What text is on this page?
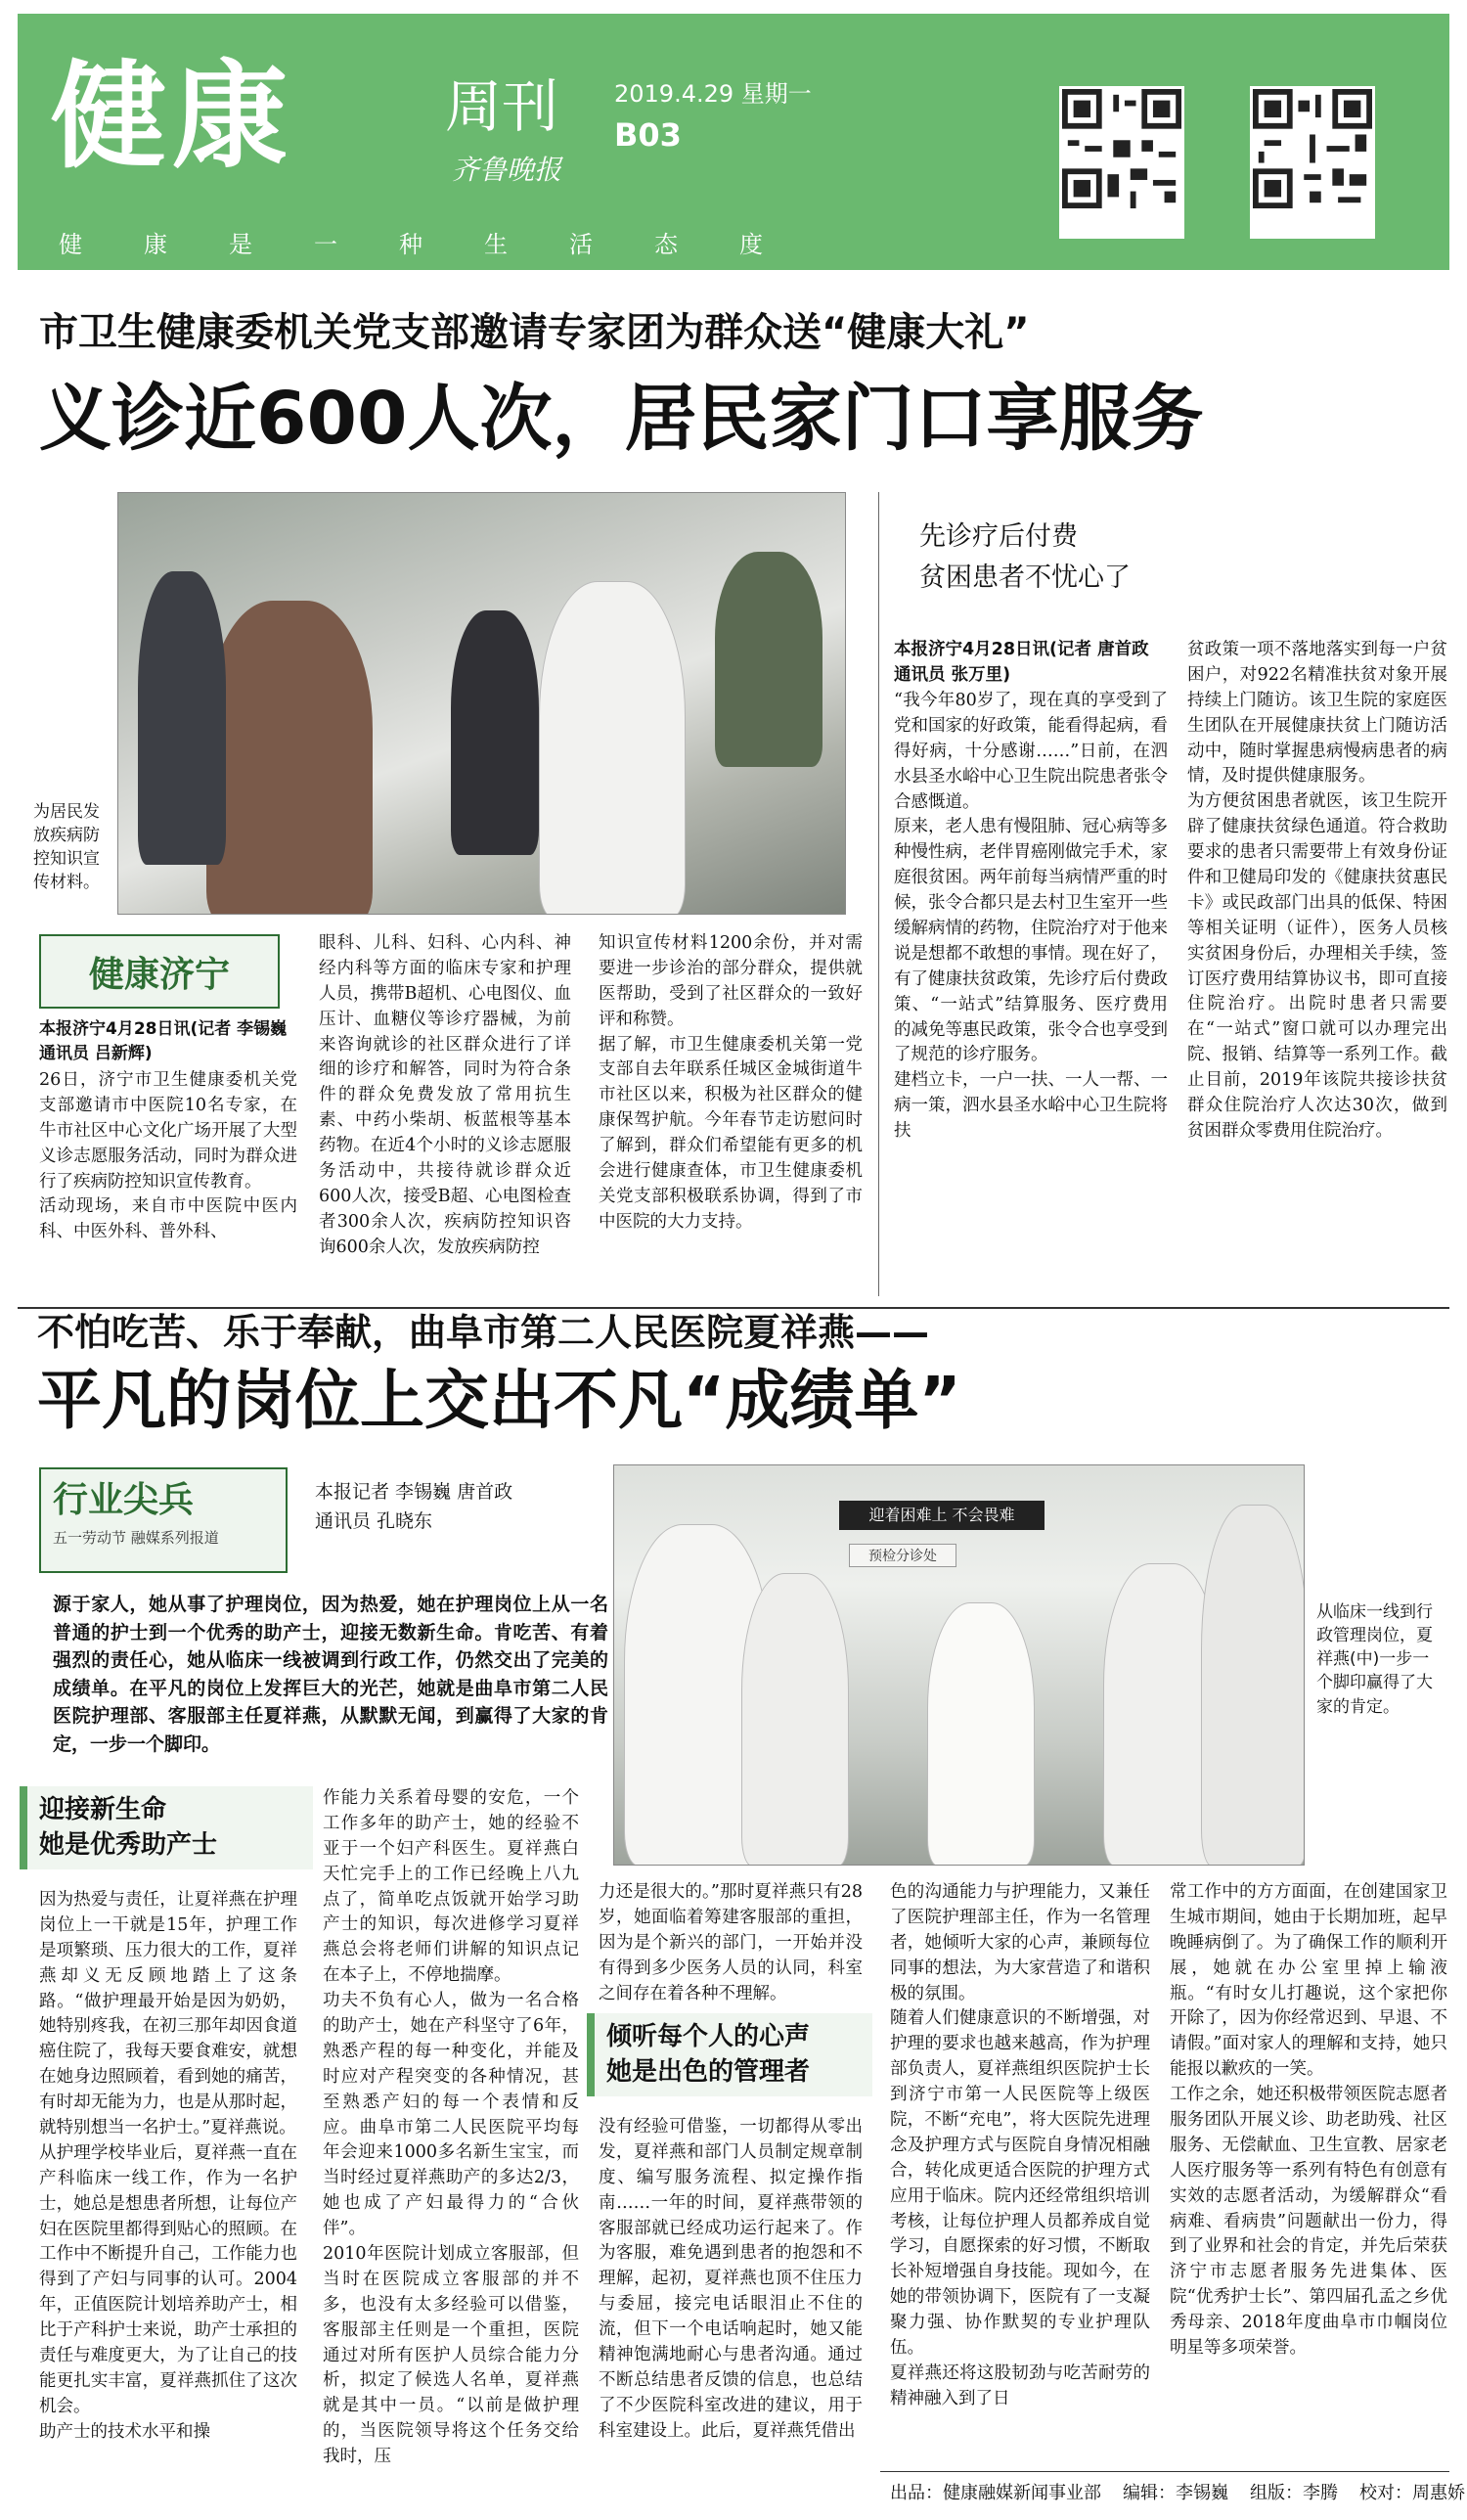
健康	周刊
齐鲁晚报
2019.4.29 星期一
B03
健	康	是	一	种	生	活	态	度
市卫生健康委机关党支部邀请专家团为群众送“健康大礼”
义诊近600人次，居民家门口享服务
为居民发放疾病防控知识宣传材料。
健康济宁
本报济宁4月28日讯(记者 李锡巍 通讯员 吕新辉)
26日，济宁市卫生健康委机关党支部邀请市中医院10名专家，在牛市社区中心文化广场开展了大型义诊志愿服务活动，同时为群众进行了疾病防控知识宣传教育。
活动现场，来自市中医院中医内科、中医外科、普外科、
眼科、儿科、妇科、心内科、神经内科等方面的临床专家和护理人员，携带B超机、心电图仪、血压计、血糖仪等诊疗器械，为前来咨询就诊的社区群众进行了详细的诊疗和解答，同时为符合条件的群众免费发放了常用抗生素、中药小柴胡、板蓝根等基本药物。在近4个小时的义诊志愿服务活动中，共接待就诊群众近600人次，接受B超、心电图检查者300余人次，疾病防控知识咨询600余人次，发放疾病防控
知识宣传材料1200余份，并对需要进一步诊治的部分群众，提供就医帮助，受到了社区群众的一致好评和称赞。
据了解，市卫生健康委机关第一党支部自去年联系任城区金城街道牛市社区以来，积极为社区群众的健康保驾护航。今年春节走访慰问时了解到，群众们希望能有更多的机会进行健康查体，市卫生健康委机关党支部积极联系协调，得到了市中医院的大力支持。
先诊疗后付费
贫困患者不忧心了
本报济宁4月28日讯(记者 唐首政 通讯员 张万里)
“我今年80岁了，现在真的享受到了党和国家的好政策，能看得起病，看得好病，十分感谢……”日前，在泗水县圣水峪中心卫生院出院患者张令合感慨道。
原来，老人患有慢阻肺、冠心病等多种慢性病，老伴胃癌刚做完手术，家庭很贫困。两年前每当病情严重的时候，张令合都只是去村卫生室开一些缓解病情的药物，住院治疗对于他来说是想都不敢想的事情。现在好了，有了健康扶贫政策，先诊疗后付费政策、“一站式”结算服务、医疗费用的减免等惠民政策，张令合也享受到了规范的诊疗服务。
建档立卡，一户一扶、一人一帮、一病一策，泗水县圣水峪中心卫生院将扶
贫政策一项不落地落实到每一户贫困户，对922名精准扶贫对象开展持续上门随访。该卫生院的家庭医生团队在开展健康扶贫上门随访活动中，随时掌握患病慢病患者的病情，及时提供健康服务。
为方便贫困患者就医，该卫生院开辟了健康扶贫绿色通道。符合救助要求的患者只需要带上有效身份证件和卫健局印发的《健康扶贫惠民卡》或民政部门出具的低保、特困等相关证明（证件），医务人员核实贫困身份后，办理相关手续，签订医疗费用结算协议书，即可直接住院治疗。出院时患者只需要在“一站式”窗口就可以办理完出院、报销、结算等一系列工作。截止目前，2019年该院共接诊扶贫群众住院治疗人次达30次，做到贫困群众零费用住院治疗。
不怕吃苦、乐于奉献，曲阜市第二人民医院夏祥燕——
平凡的岗位上交出不凡“成绩单”
行业尖兵
五一劳动节 融媒系列报道
本报记者 李锡巍 唐首政
通讯员 孔晓东
源于家人，她从事了护理岗位，因为热爱，她在护理岗位上从一名普通的护士到一个优秀的助产士，迎接无数新生命。肯吃苦、有着强烈的责任心，她从临床一线被调到行政工作，仍然交出了完美的成绩单。在平凡的岗位上发挥巨大的光芒，她就是曲阜市第二人民医院护理部、客服部主任夏祥燕，从默默无闻，到赢得了大家的肯定，一步一个脚印。
迎着困难上 不会畏难
预检分诊处
从临床一线到行政管理岗位，夏祥燕(中)一步一个脚印赢得了大家的肯定。
迎接新生命
她是优秀助产士
因为热爱与责任，让夏祥燕在护理岗位上一干就是15年，护理工作是项繁琐、压力很大的工作，夏祥燕却义无反顾地踏上了这条路。“做护理最开始是因为奶奶，她特别疼我，在初三那年却因食道癌住院了，我每天要食难安，就想在她身边照顾着，看到她的痛苦，有时却无能为力，也是从那时起，就特别想当一名护士。”夏祥燕说。
从护理学校毕业后，夏祥燕一直在产科临床一线工作，作为一名护士，她总是想患者所想，让每位产妇在医院里都得到贴心的照顾。在工作中不断提升自己，工作能力也得到了产妇与同事的认可。2004年，正值医院计划培养助产士，相比于产科护士来说，助产士承担的责任与难度更大，为了让自己的技能更扎实丰富，夏祥燕抓住了这次机会。
助产士的技术水平和操
作能力关系着母婴的安危，一个工作多年的助产士，她的经验不亚于一个妇产科医生。夏祥燕白天忙完手上的工作已经晚上八九点了，简单吃点饭就开始学习助产士的知识，每次进修学习夏祥燕总会将老师们讲解的知识点记在本子上，不停地揣摩。
功夫不负有心人，做为一名合格的助产士，她在产科坚守了6年，熟悉产程的每一种变化，并能及时应对产程突变的各种情况，甚至熟悉产妇的每一个表情和反应。曲阜市第二人民医院平均每年会迎来1000多名新生宝宝，而当时经过夏祥燕助产的多达2/3，她也成了产妇最得力的“合伙伴”。
2010年医院计划成立客服部，但当时在医院成立客服部的并不多，也没有太多经验可以借鉴，客服部主任则是一个重担，医院通过对所有医护人员综合能力分析，拟定了候选人名单，夏祥燕就是其中一员。“以前是做护理的，当医院领导将这个任务交给我时，压
力还是很大的。”那时夏祥燕只有28岁，她面临着筹建客服部的重担，因为是个新兴的部门，一开始并没有得到多少医务人员的认同，科室之间存在着各种不理解。
倾听每个人的心声
她是出色的管理者
没有经验可借鉴，一切都得从零出发，夏祥燕和部门人员制定规章制度、编写服务流程、拟定操作指南……一年的时间，夏祥燕带领的客服部就已经成功运行起来了。作为客服，难免遇到患者的抱怨和不理解，起初，夏祥燕也顶不住压力与委屈，接完电话眼泪止不住的流，但下一个电话响起时，她又能精神饱满地耐心与患者沟通。通过不断总结患者反馈的信息，也总结了不少医院科室改进的建议，用于科室建设上。此后，夏祥燕凭借出
色的沟通能力与护理能力，又兼任了医院护理部主任，作为一名管理者，她倾听大家的心声，兼顾每位同事的想法，为大家营造了和谐积极的氛围。
随着人们健康意识的不断增强，对护理的要求也越来越高，作为护理部负责人，夏祥燕组织医院护士长到济宁市第一人民医院等上级医院，不断“充电”，将大医院先进理念及护理方式与医院自身情况相融合，转化成更适合医院的护理方式应用于临床。院内还经常组织培训考核，让每位护理人员都养成自觉学习，自愿探索的好习惯，不断取长补短增强自身技能。现如今，在她的带领协调下，医院有了一支凝聚力强、协作默契的专业护理队伍。
夏祥燕还将这股韧劲与吃苦耐劳的精神融入到了日
常工作中的方方面面，在创建国家卫生城市期间，她由于长期加班，起早晚睡病倒了。为了确保工作的顺利开展，她就在办公室里掉上输液瓶。“有时女儿打趣说，这个家把你开除了，因为你经常迟到、早退、不请假。”面对家人的理解和支持，她只能报以歉疚的一笑。
工作之余，她还积极带领医院志愿者服务团队开展义诊、助老助残、社区服务、无偿献血、卫生宣教、居家老人医疗服务等一系列有特色有创意有实效的志愿者活动，为缓解群众“看病难、看病贵”问题献出一份力，得到了业界和社会的肯定，并先后荣获济宁市志愿者服务先进集体、医院“优秀护士长”、第四届孔孟之乡优秀母亲、2018年度曲阜市巾帼岗位明星等多项荣誉。
出品：健康融媒新闻事业部 编辑：李锡巍 组版：李腾 校对：周惠娇
